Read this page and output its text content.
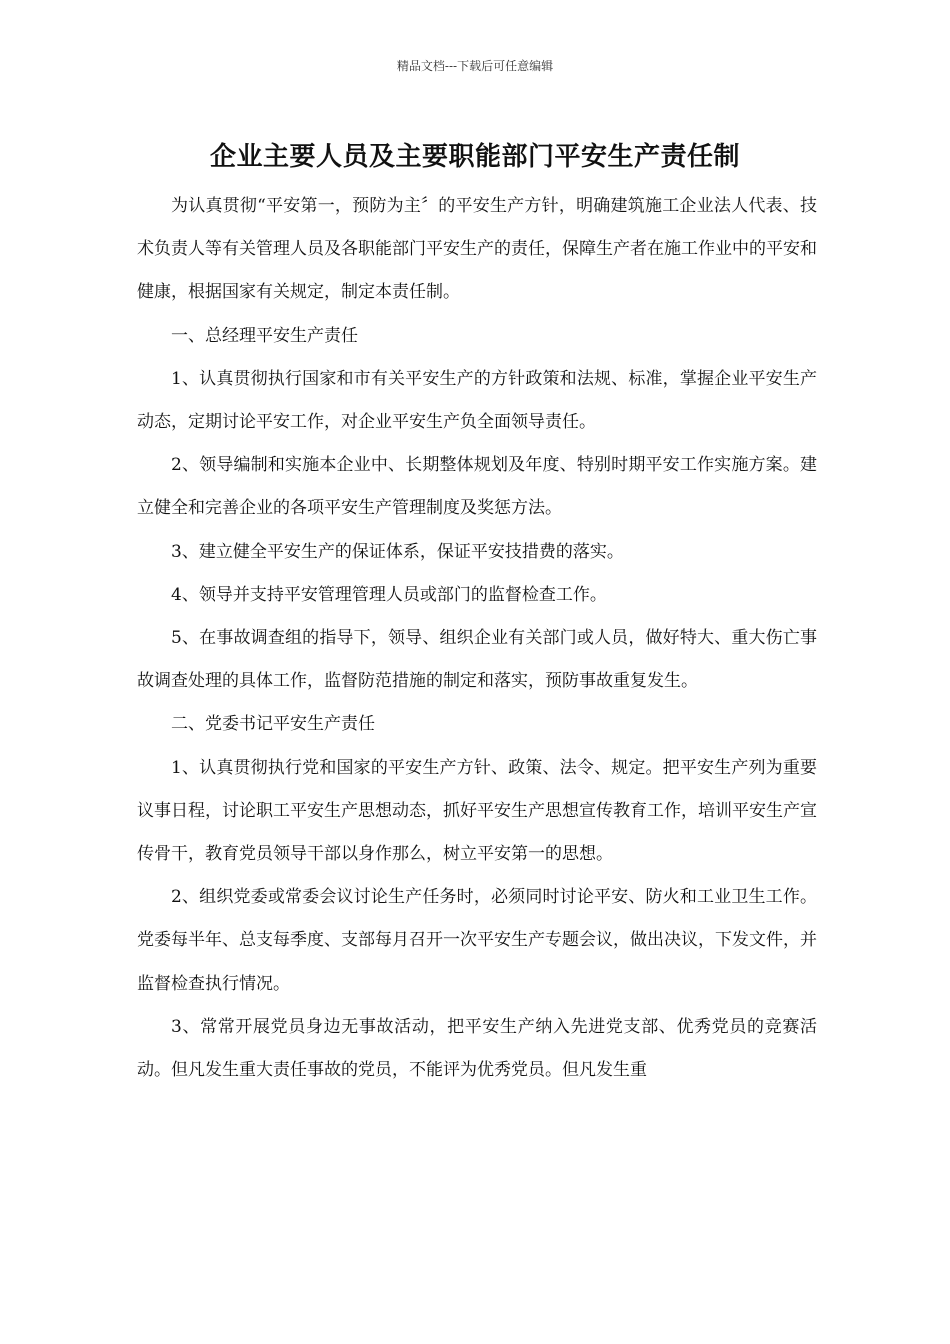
精品文档---下载后可任意编辑
企业主要人员及主要职能部门平安生产责任制

为认真贯彻“平安第一，预防为主〞的平安生产方针，明确建筑施工企业法人代表、技术负责人等有关管理人员及各职能部门平安生产的责任，保障生产者在施工作业中的平安和健康，根据国家有关规定，制定本责任制。

一、总经理平安生产责任

1、认真贯彻执行国家和市有关平安生产的方针政策和法规、标准，掌握企业平安生产动态，定期讨论平安工作，对企业平安生产负全面领导责任。

2、领导编制和实施本企业中、长期整体规划及年度、特别时期平安工作实施方案。建立健全和完善企业的各项平安生产管理制度及奖惩方法。

3、建立健全平安生产的保证体系，保证平安技措费的落实。

4、领导并支持平安管理管理人员或部门的监督检查工作。

5、在事故调查组的指导下，领导、组织企业有关部门或人员，做好特大、重大伤亡事故调查处理的具体工作，监督防范措施的制定和落实，预防事故重复发生。

二、党委书记平安生产责任

1、认真贯彻执行党和国家的平安生产方针、政策、法令、规定。把平安生产列为重要议事日程，讨论职工平安生产思想动态，抓好平安生产思想宣传教育工作，培训平安生产宣传骨干，教育党员领导干部以身作那么，树立平安第一的思想。

2、组织党委或常委会议讨论生产任务时，必须同时讨论平安、防火和工业卫生工作。党委每半年、总支每季度、支部每月召开一次平安生产专题会议，做出决议，下发文件，并监督检查执行情况。

3、常常开展党员身边无事故活动，把平安生产纳入先进党支部、优秀党员的竞赛活动。但凡发生重大责任事故的党员，不能评为优秀党员。但凡发生重
